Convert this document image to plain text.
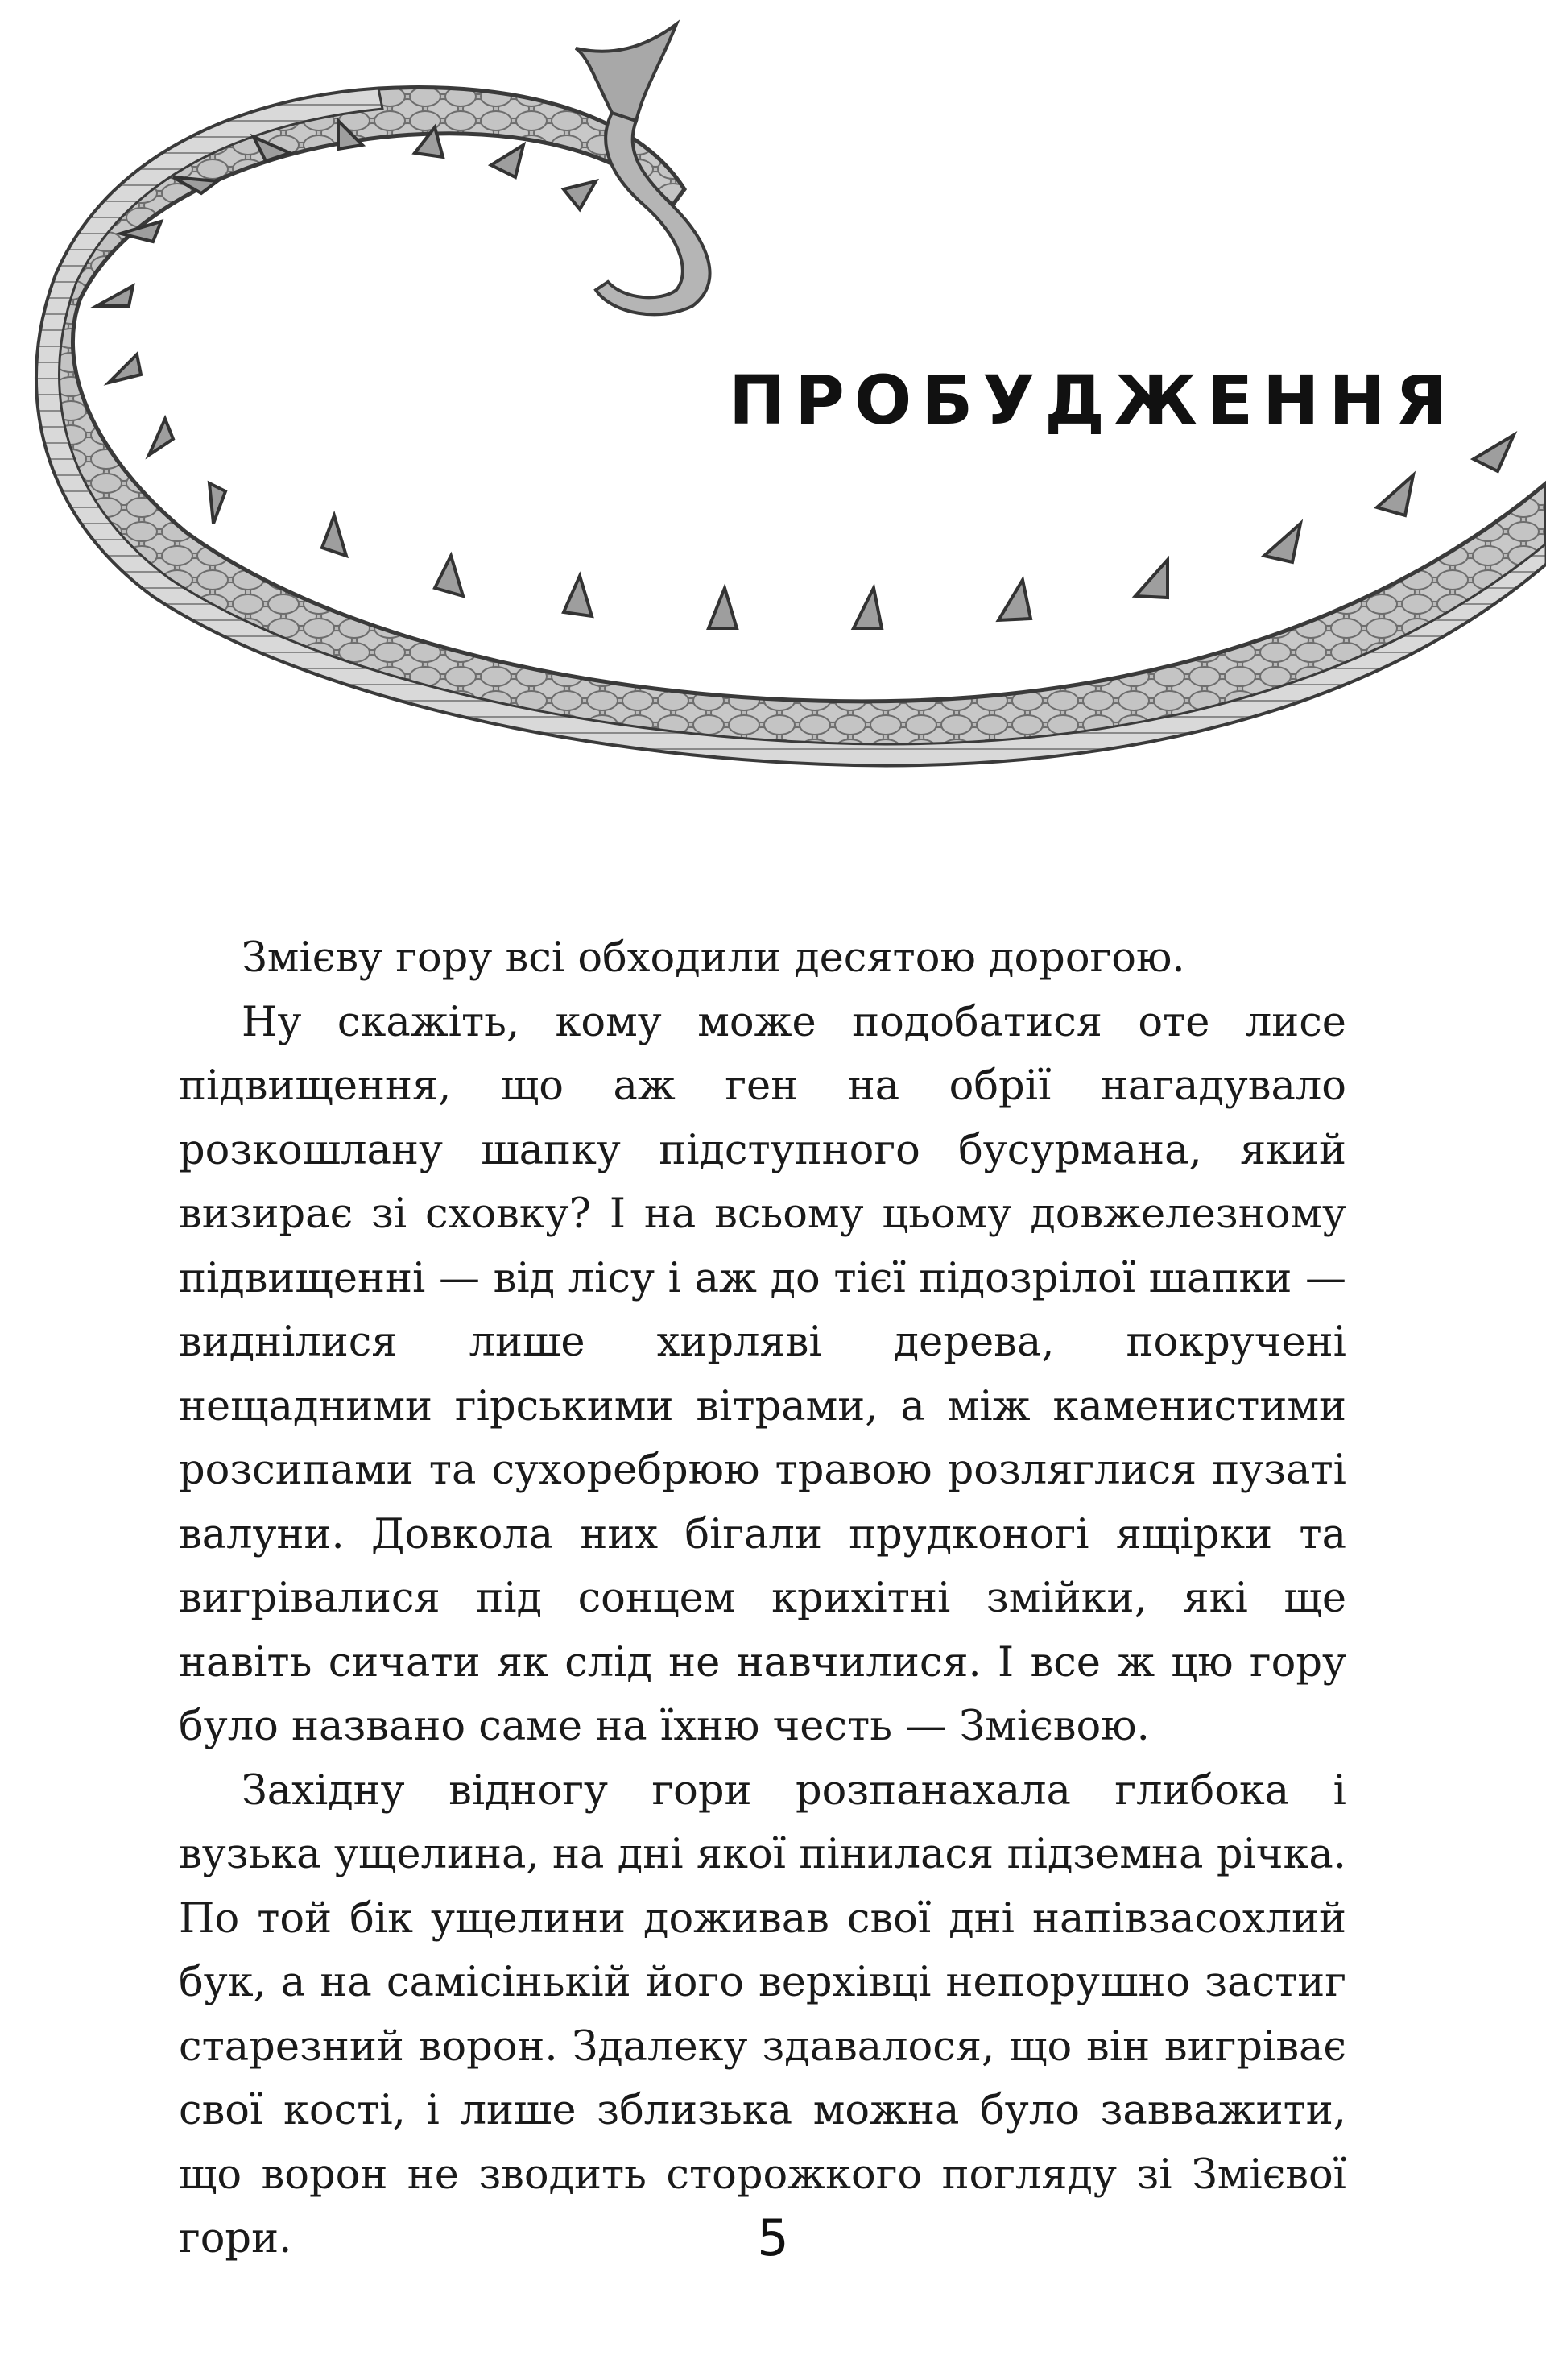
ПРОБУДЖЕННЯ

Змієву гору всі обходили десятою дорогою.

Ну скажіть, кому може подобатися оте лисе підвищення, що аж ген на обрії нагадувало розкошлану шапку підступного бусурмана, який визирає зі сховку? І на всьому цьому довжелезному підвищенні — від лісу і аж до тієї підозрілої шапки — виднілися лише хирляві дерева, покручені нещадними гірськими вітрами, а між каменистими розсипами та сухоребрюю травою розляглися пузаті валуни. Довкола них бігали прудконогі ящірки та вигрівалися під сонцем крихітні змійки, які ще навіть сичати як слід не навчилися. І все ж цю гору було названо саме на їхню честь — Змієвою.

Західну відногу гори розпанахала глибока і вузька ущелина, на дні якої пінилася підземна річка. По той бік ущелини доживав свої дні напівзасохлий бук, а на самісінькій його верхівці непорушно застиг старезний ворон. Здалеку здавалося, що він вигріває свої кості, і лише зблизька можна було завважити, що ворон не зводить сторожкого погляду зі Змієвої гори.	5
